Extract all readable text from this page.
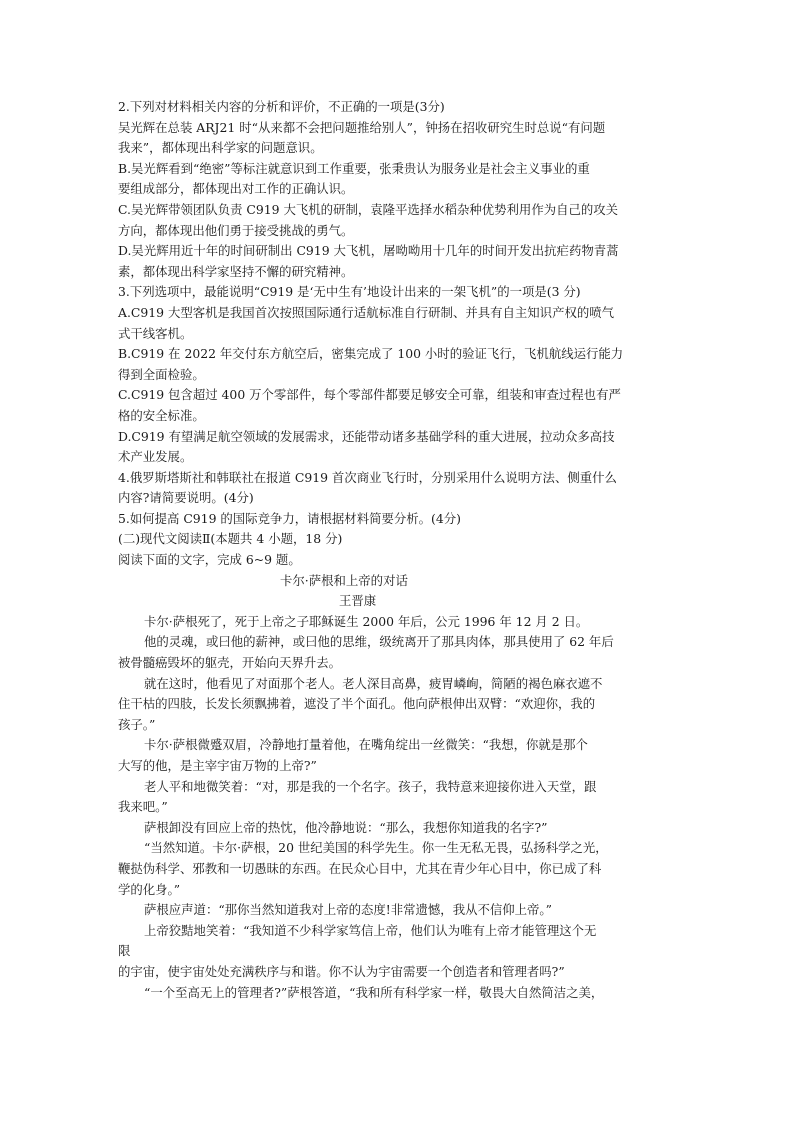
2.下列对材料相关内容的分析和评价，不正确的一项是(3分)
吴光辉在总装 ARJ21 时“从来都不会把问题推给别人”，钟扬在招收研究生时总说“有问题
我来”，都体现出科学家的问题意识。
B.吴光辉看到“绝密”等标注就意识到工作重要，张秉贵认为服务业是社会主义事业的重
要组成部分，都体现出对工作的正确认识。
C.吴光辉带领团队负责 C919 大飞机的研制，袁隆平选择水稻杂种优势利用作为自己的攻关
方向，都体现出他们勇于接受挑战的勇气。
D.吴光辉用近十年的时间研制出 C919 大飞机，屠呦呦用十几年的时间开发出抗疟药物青蒿
素，都体现出科学家坚持不懈的研究精神。
3.下列选项中，最能说明“C919 是‘无中生有’地设计出来的一架飞机”的一项是(3 分)
A.C919 大型客机是我国首次按照国际通行适航标准自行研制、并具有自主知识产权的喷气
式干线客机。
B.C919 在 2022 年交付东方航空后，密集完成了 100 小时的验证飞行，飞机航线运行能力
得到全面检验。
C.C919 包含超过 400 万个零部件，每个零部件都要足够安全可靠，组装和审查过程也有严
格的安全标准。
D.C919 有望满足航空领域的发展需求，还能带动诸多基础学科的重大进展，拉动众多高技
术产业发展。
4.俄罗斯塔斯社和韩联社在报道 C919 首次商业飞行时，分别采用什么说明方法、侧重什么
内容?请简要说明。(4分)
5.如何提高 C919 的国际竞争力，请根据材料简要分析。(4分)
(二)现代文阅读Ⅱ(本题共 4 小题，18 分)
阅读下面的文字，完成 6~9 题。
卡尔·萨根和上帝的对话
王晋康
卡尔·萨根死了，死于上帝之子耶稣诞生 2000 年后，公元 1996 年 12 月 2 日。
他的灵魂，或曰他的薪神，或曰他的思维，级统离开了那具肉体，那具使用了 62 年后
被骨髓癌毁坏的躯壳，开始向天界升去。
就在这时，他看见了对面那个老人。老人深目高鼻，疲胃嶙峋，简陋的褐色麻衣遮不
住干枯的四肢，长发长须飘拂着，遮没了半个面孔。他向萨根伸出双臂：“欢迎你，我的
孩子。”
卡尔·萨根微蹙双眉，冷静地打量着他，在嘴角绽出一丝微笑：“我想，你就是那个
大写的他，是主宰宇宙万物的上帝?”
老人平和地微笑着：“对，那是我的一个名字。孩子，我特意来迎接你进入天堂，跟
我来吧。”
萨根卸没有回应上帝的热忱，他冷静地说：“那么，我想你知道我的名字?”
“当然知道。卡尔·萨根，20 世纪美国的科学先生。你一生无私无畏，弘扬科学之光，
鞭挞伪科学、邪教和一切愚昧的东西。在民众心目中，尤其在青少年心目中，你已成了科
学的化身。”
萨根应声道：“那你当然知道我对上帝的态度!非常遗憾，我从不信仰上帝。”
上帝狡黠地笑着：“我知道不少科学家笃信上帝，他们认为唯有上帝才能管理这个无
限
的宇宙，使宇宙处处充满秩序与和谐。你不认为宇宙需要一个创造者和管理者吗?”
“一个至高无上的管理者?”萨根答道，“我和所有科学家一样，敬畏大自然简洁之美，
